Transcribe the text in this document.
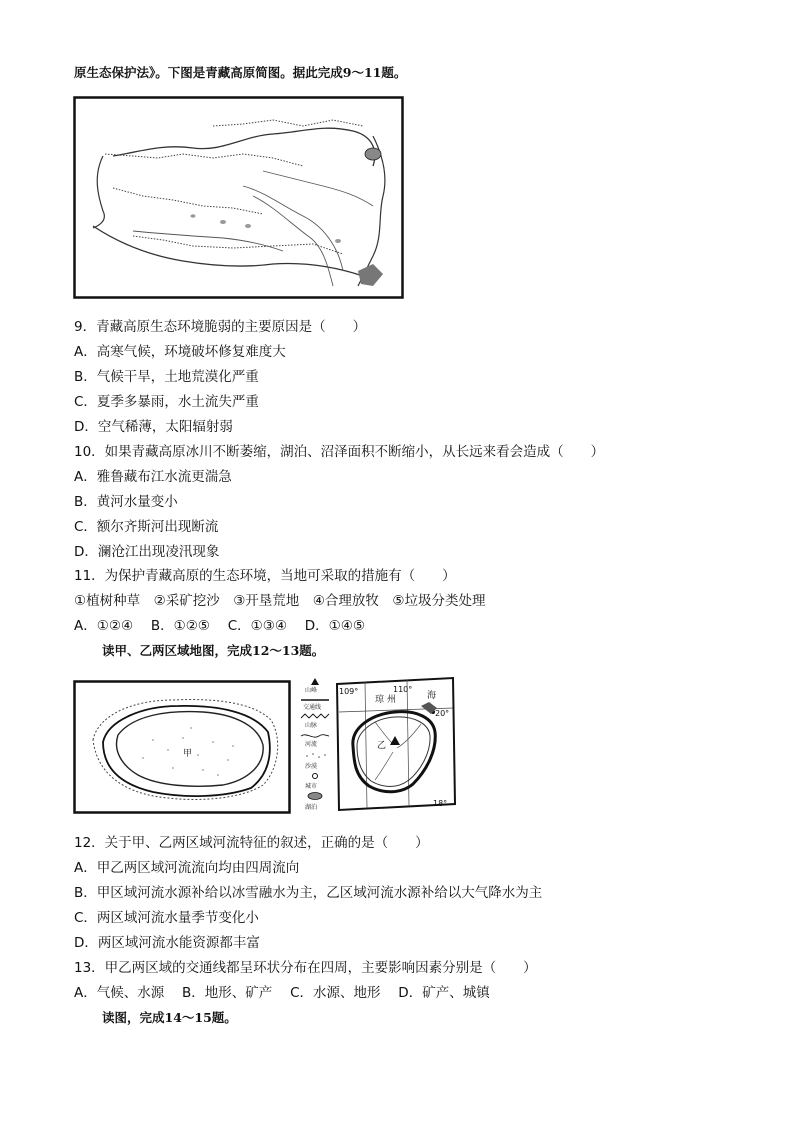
原生态保护法》。下图是青藏高原简图。据此完成9～11题。
9．青藏高原生态环境脆弱的主要原因是（　　）
A．高寒气候，环境破坏修复难度大
B．气候干旱，土地荒漠化严重
C．夏季多暴雨，水土流失严重
D．空气稀薄，太阳辐射弱
10．如果青藏高原冰川不断萎缩，湖泊、沼泽面积不断缩小，从长远来看会造成（　　）
A．雅鲁藏布江水流更湍急
B．黄河水量变小
C．额尔齐斯河出现断流
D．澜沧江出现凌汛现象
11．为保护青藏高原的生态环境，当地可采取的措施有（　　）
①植树种草　②采矿挖沙　③开垦荒地　④合理放牧　⑤垃圾分类处理
A．①②④　 B．①②⑤　 C．①③④　 D．①④⑤
读甲、乙两区域地图，完成12～13题。
甲
山峰
交通线
山脉
河流
沙漠
城市
湖泊
109°	110°
20°
18°
琼 州	海
乙
12．关于甲、乙两区域河流特征的叙述，正确的是（　　）
A．甲乙两区域河流流向均由四周流向
B．甲区域河流水源补给以冰雪融水为主，乙区域河流水源补给以大气降水为主
C．两区域河流水量季节变化小
D．两区域河流水能资源都丰富
13．甲乙两区域的交通线都呈环状分布在四周，主要影响因素分别是（　　）
A．气候、水源　 B．地形、矿产　 C．水源、地形　 D．矿产、城镇
读图，完成14～15题。
